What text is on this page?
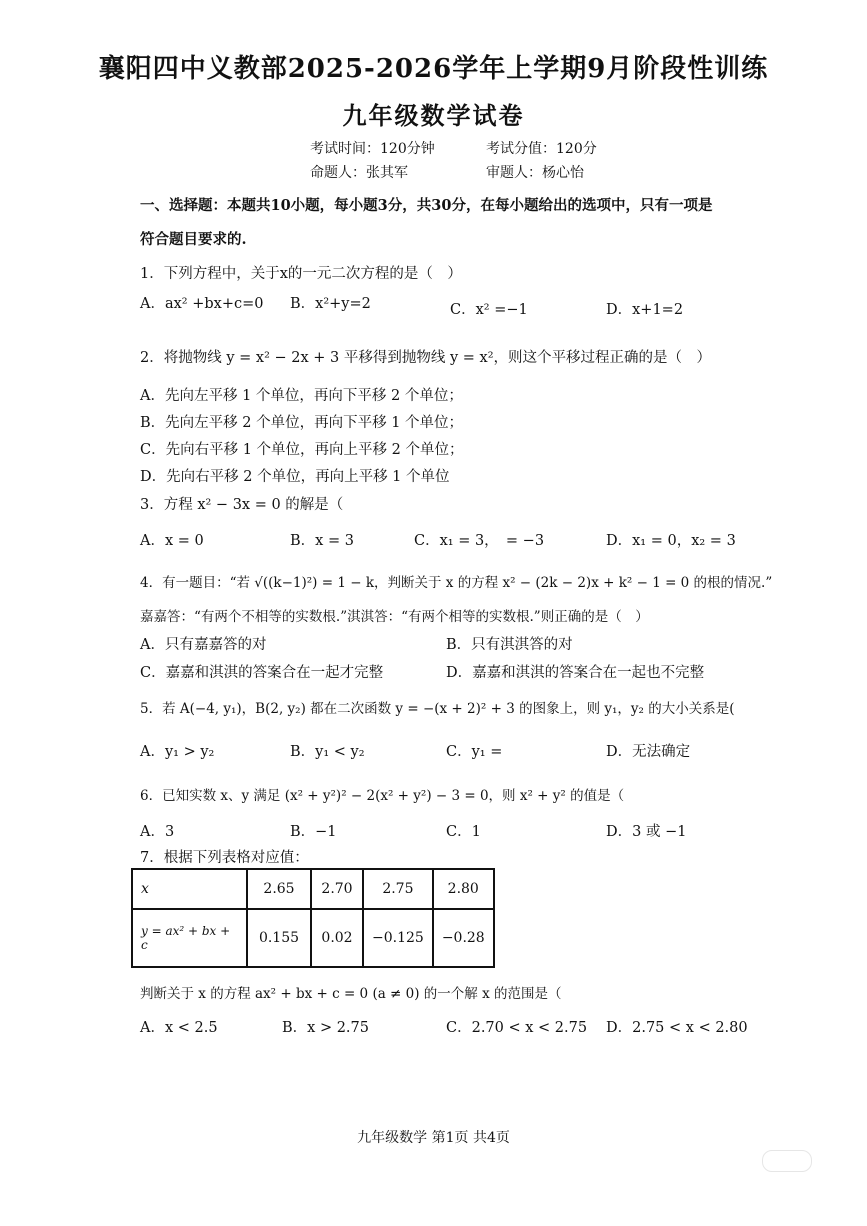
襄阳四中义教部2025-2026学年上学期9月阶段性训练
九年级数学试卷
考试时间：120分钟	考试分值：120分
命题人：张其军	审题人：杨心怡
一、选择题：本题共10小题，每小题3分，共30分，在每小题给出的选项中，只有一项是
符合题目要求的.
1．下列方程中，关于x的一元二次方程的是（　）
A．ax² +bx+c=0 B．x²+y=2	C．x² =−1	D．x+1=2
2．将抛物线 y = x² − 2x + 3 平移得到抛物线 y = x²，则这个平移过程正确的是（　）
A．先向左平移 1 个单位，再向下平移 2 个单位；
B．先向左平移 2 个单位，再向下平移 1 个单位；
C．先向右平移 1 个单位，再向上平移 2 个单位；
D．先向右平移 2 个单位，再向上平移 1 个单位
3．方程 x² − 3x = 0 的解是（
A．x = 0	B．x = 3	C．x₁ = 3，　= −3	D．x₁ = 0，x₂ = 3
4．有一题目：“若 √((k−1)²) = 1 − k，判断关于 x 的方程 x² − (2k − 2)x + k² − 1 = 0 的根的情况.”
嘉嘉答：“有两个不相等的实数根.”淇淇答：“有两个相等的实数根.”则正确的是（　）
A．只有嘉嘉答的对	B．只有淇淇答的对
C．嘉嘉和淇淇的答案合在一起才完整	D．嘉嘉和淇淇的答案合在一起也不完整
5．若 A(−4, y₁)，B(2, y₂) 都在二次函数 y = −(x + 2)² + 3 的图象上，则 y₁，y₂ 的大小关系是(
A．y₁ > y₂	B．y₁ < y₂	C．y₁ =	D．无法确定
6．已知实数 x、y 满足 (x² + y²)² − 2(x² + y²) − 3 = 0，则 x² + y² 的值是（
A．3	B．−1	C．1	D．3 或 −1
7．根据下列表格对应值：
x	2.65	2.70	2.75	2.80
y = ax² + bx + c	0.155	0.02	−0.125	−0.28
判断关于 x 的方程 ax² + bx + c = 0 (a ≠ 0) 的一个解 x 的范围是（
A．x < 2.5	B．x > 2.75	C．2.70 < x < 2.75 D．2.75 < x < 2.80
九年级数学 第1页 共4页
